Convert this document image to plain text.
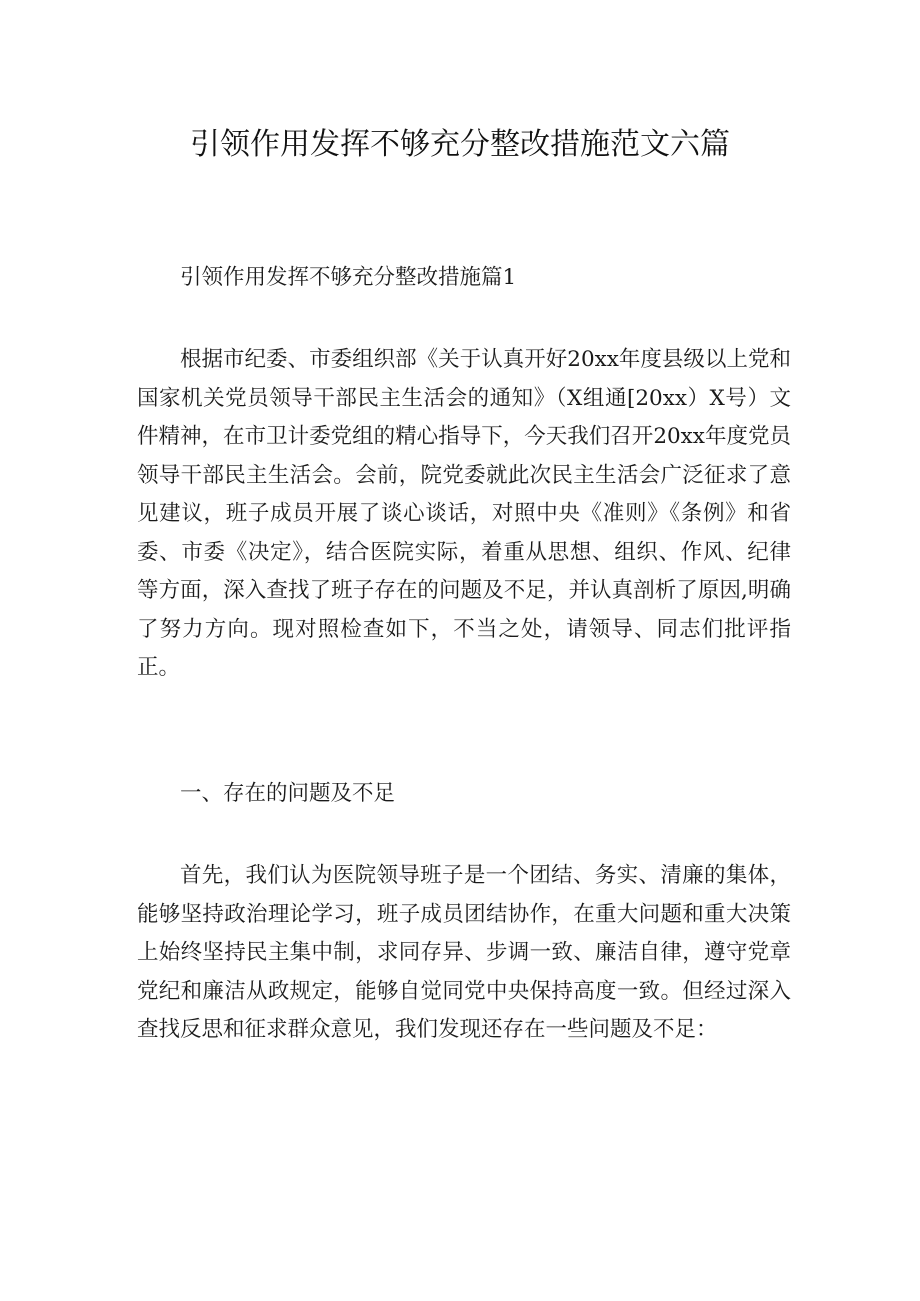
引领作用发挥不够充分整改措施范文六篇

引领作用发挥不够充分整改措施篇1

根据市纪委、市委组织部《关于认真开好20xx年度县级以上党和国家机关党员领导干部民主生活会的通知》（X组通[20xx）X号）文件精神，在市卫计委党组的精心指导下，今天我们召开20xx年度党员领导干部民主生活会。会前，院党委就此次民主生活会广泛征求了意见建议，班子成员开展了谈心谈话，对照中央《准则》《条例》和省委、市委《决定》，结合医院实际，着重从思想、组织、作风、纪律等方面，深入查找了班子存在的问题及不足，并认真剖析了原因,明确了努力方向。现对照检查如下，不当之处，请领导、同志们批评指正。

一、存在的问题及不足

首先，我们认为医院领导班子是一个团结、务实、清廉的集体，能够坚持政治理论学习，班子成员团结协作，在重大问题和重大决策上始终坚持民主集中制，求同存异、步调一致、廉洁自律，遵守党章党纪和廉洁从政规定，能够自觉同党中央保持高度一致。但经过深入查找反思和征求群众意见，我们发现还存在一些问题及不足：
